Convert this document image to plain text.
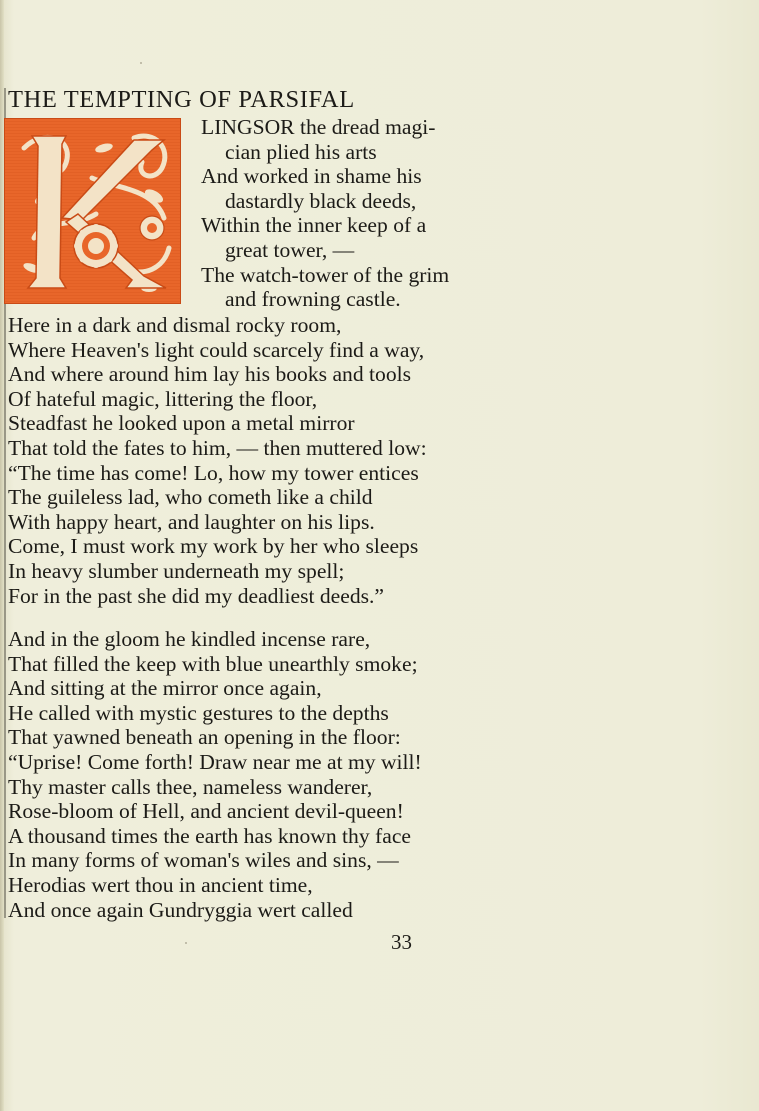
THE TEMPTING OF PARSIFAL
LINGSOR the dread magi-
cian plied his arts
And worked in shame his
dastardly black deeds,
Within the inner keep of a
great tower, —
The watch-tower of the grim
and frowning castle.
Here in a dark and dismal rocky room,
Where Heaven's light could scarcely find a way,
And where around him lay his books and tools
Of hateful magic, littering the floor,
Steadfast he looked upon a metal mirror
That told the fates to him, — then muttered low:
“The time has come! Lo, how my tower entices
The guileless lad, who cometh like a child
With happy heart, and laughter on his lips.
Come, I must work my work by her who sleeps
In heavy slumber underneath my spell;
For in the past she did my deadliest deeds.”
And in the gloom he kindled incense rare,
That filled the keep with blue unearthly smoke;
And sitting at the mirror once again,
He called with mystic gestures to the depths
That yawned beneath an opening in the floor:
“Uprise! Come forth! Draw near me at my will!
Thy master calls thee, nameless wanderer,
Rose-bloom of Hell, and ancient devil-queen!
A thousand times the earth has known thy face
In many forms of woman's wiles and sins, —
Herodias wert thou in ancient time,
And once again Gundryggia wert called
33
